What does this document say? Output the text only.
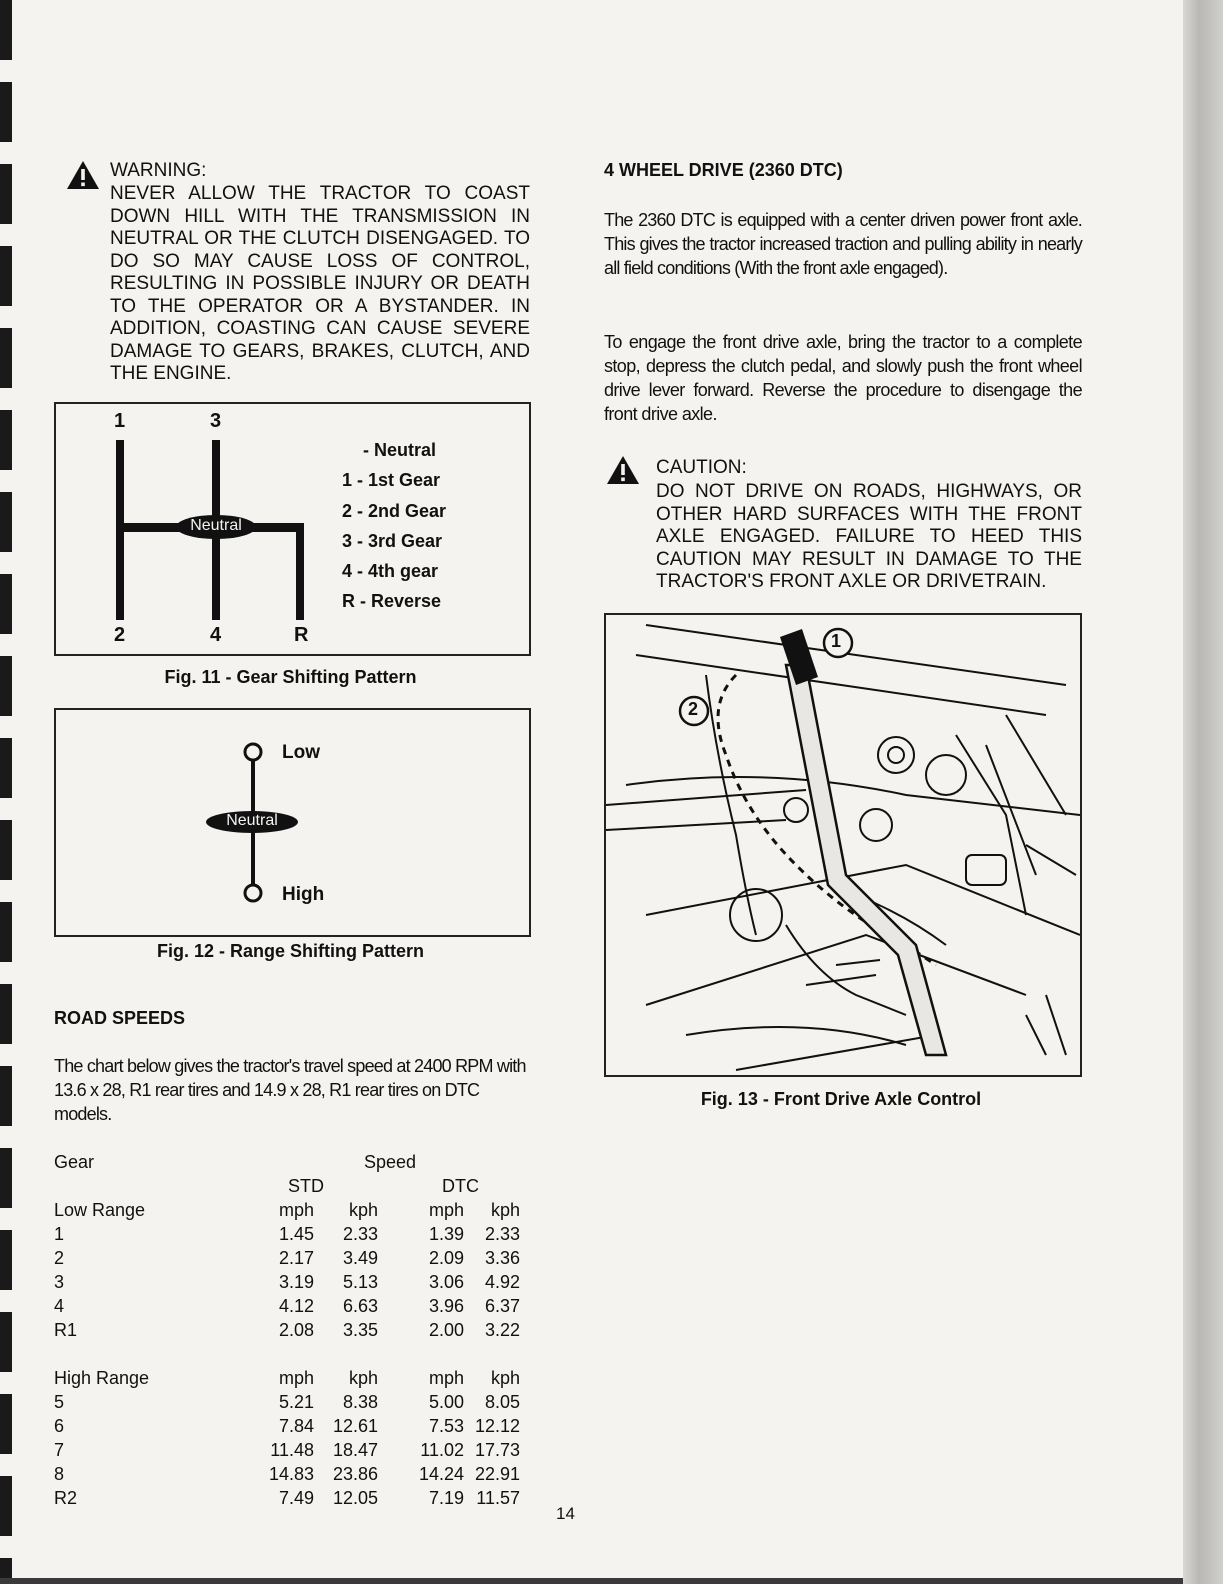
WARNING:
NEVER ALLOW THE TRACTOR TO COAST DOWN HILL WITH THE TRANSMISSION IN NEUTRAL OR THE CLUTCH DISENGAGED. TO DO SO MAY CAUSE LOSS OF CONTROL, RESULTING IN POSSIBLE INJURY OR DEATH TO THE OPERATOR OR A BYSTANDER. IN ADDITION, COASTING CAN CAUSE SEVERE DAMAGE TO GEARS, BRAKES, CLUTCH, AND THE ENGINE.
1	3
2	4	R
Neutral
- Neutral
1 - 1st Gear
2 - 2nd Gear
3 - 3rd Gear
4 - 4th gear
R - Reverse
Fig. 11 - Gear Shifting Pattern
Low
Neutral
High
Fig. 12 - Range Shifting Pattern
ROAD SPEEDS
The chart below gives the tractor's travel speed at 2400 RPM with 13.6 x 28, R1 rear tires and 14.9 x 28, R1 rear tires on DTC models.
Gear	Speed
STD	DTC
Low Range	mph	kph	mph	kph
1	1.45	2.33	1.39	2.33
2	2.17	3.49	2.09	3.36
3	3.19	5.13	3.06	4.92
4	4.12	6.63	3.96	6.37
R1	2.08	3.35	2.00	3.22
High Range	mph	kph	mph	kph
5	5.21	8.38	5.00	8.05
6	7.84	12.61	7.53 12.12
7	11.48	18.47	11.02 17.73
8	14.83	23.86	14.24 22.91
R2	7.49	12.05	7.19 11.57
14
4 WHEEL DRIVE (2360 DTC)
The 2360 DTC is equipped with a center driven power front axle. This gives the tractor increased traction and pulling ability in nearly all field conditions (With the front axle engaged).
To engage the front drive axle, bring the tractor to a complete stop, depress the clutch pedal, and slowly push the front wheel drive lever forward. Reverse the procedure to disengage the front drive axle.
CAUTION:
DO NOT DRIVE ON ROADS, HIGHWAYS, OR OTHER HARD SURFACES WITH THE FRONT AXLE ENGAGED. FAILURE TO HEED THIS CAUTION MAY RESULT IN DAMAGE TO THE TRACTOR'S FRONT AXLE OR DRIVETRAIN.
1
2
Fig. 13 - Front Drive Axle Control
